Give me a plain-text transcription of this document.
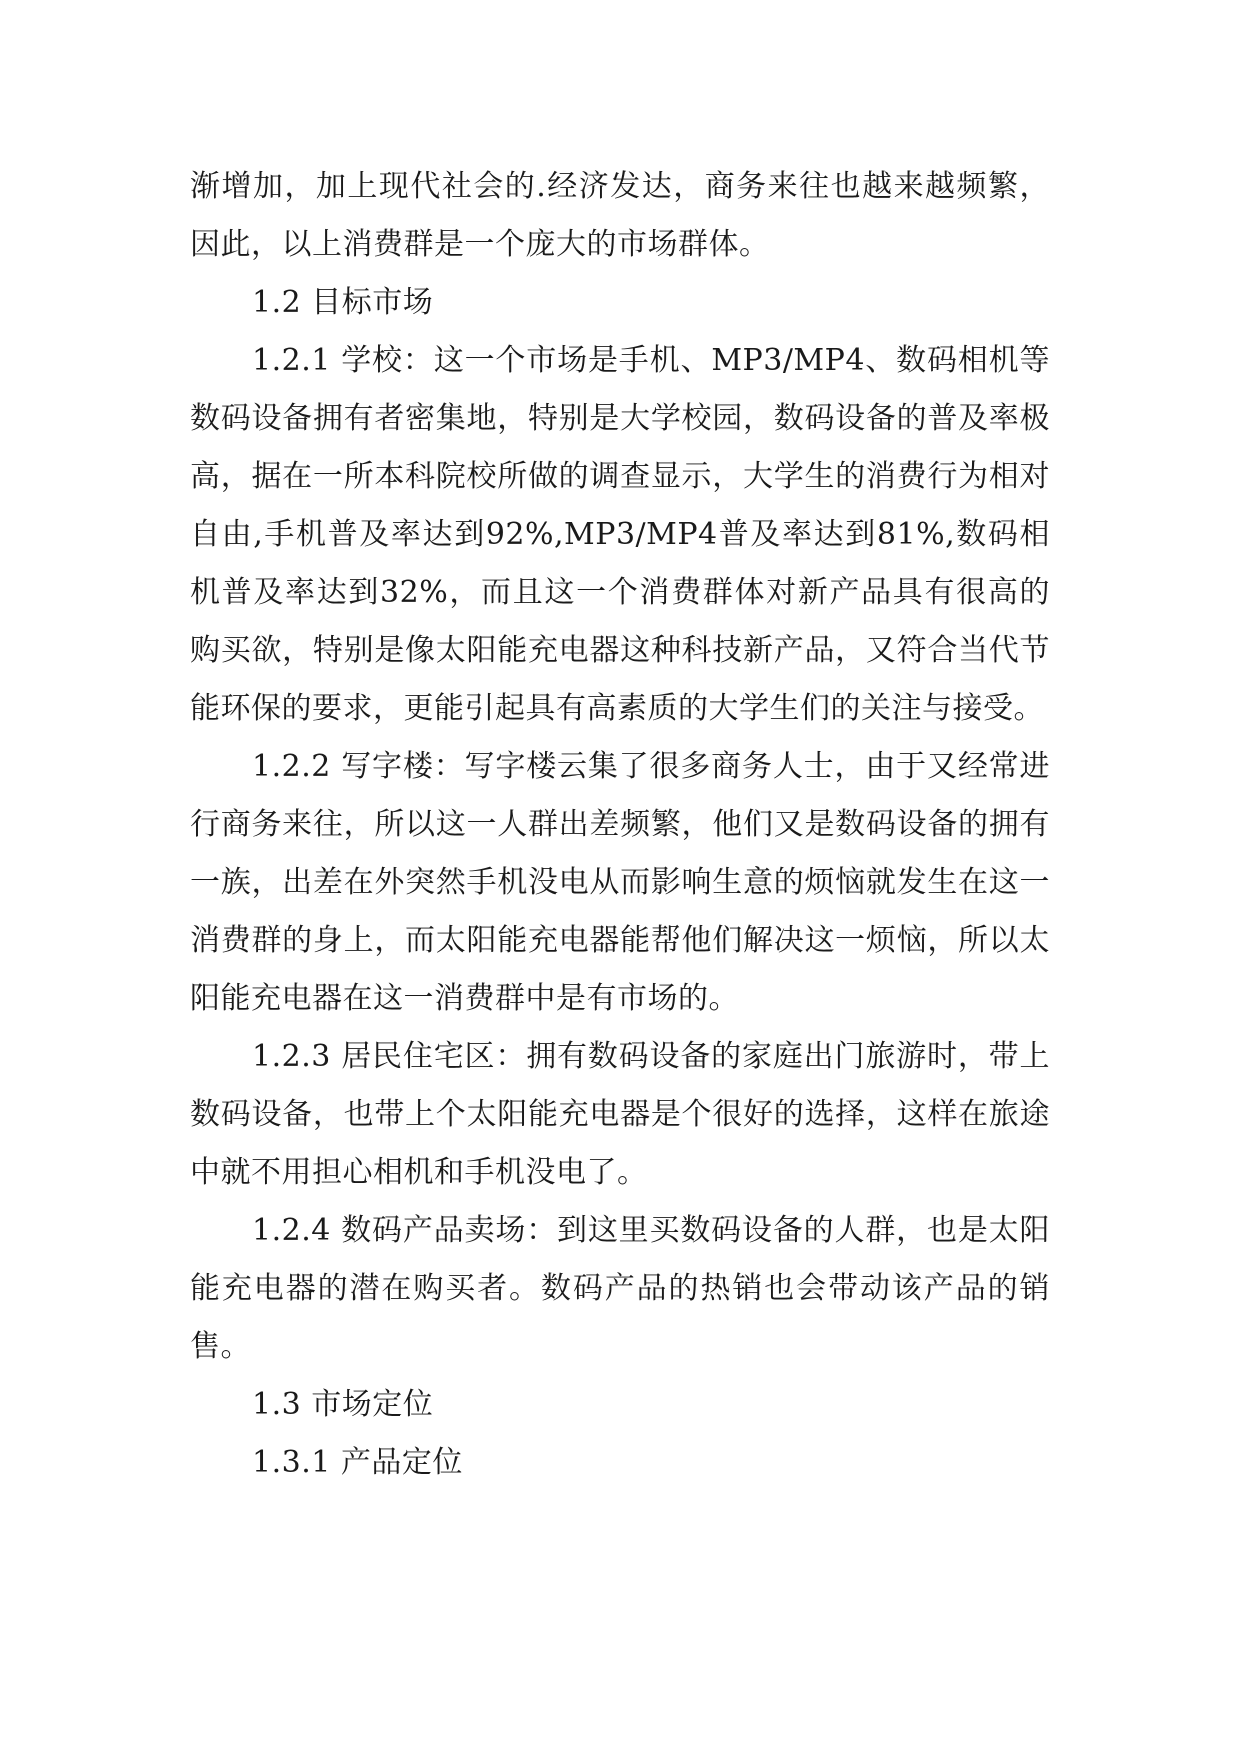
渐增加，加上现代社会的.经济发达，商务来往也越来越频繁，因此，以上消费群是一个庞大的市场群体。

1.2 目标市场

1.2.1 学校：这一个市场是手机、MP3/MP4、数码相机等数码设备拥有者密集地，特别是大学校园，数码设备的普及率极高，据在一所本科院校所做的调查显示，大学生的消费行为相对自由,手机普及率达到92%,MP3/MP4普及率达到81%,数码相机普及率达到32%，而且这一个消费群体对新产品具有很高的购买欲，特别是像太阳能充电器这种科技新产品，又符合当代节能环保的要求，更能引起具有高素质的大学生们的关注与接受。

1.2.2 写字楼：写字楼云集了很多商务人士，由于又经常进行商务来往，所以这一人群出差频繁，他们又是数码设备的拥有一族，出差在外突然手机没电从而影响生意的烦恼就发生在这一消费群的身上，而太阳能充电器能帮他们解决这一烦恼，所以太阳能充电器在这一消费群中是有市场的。

1.2.3 居民住宅区：拥有数码设备的家庭出门旅游时，带上数码设备，也带上个太阳能充电器是个很好的选择，这样在旅途中就不用担心相机和手机没电了。

1.2.4 数码产品卖场：到这里买数码设备的人群，也是太阳能充电器的潜在购买者。数码产品的热销也会带动该产品的销售。

1.3 市场定位

1.3.1 产品定位
